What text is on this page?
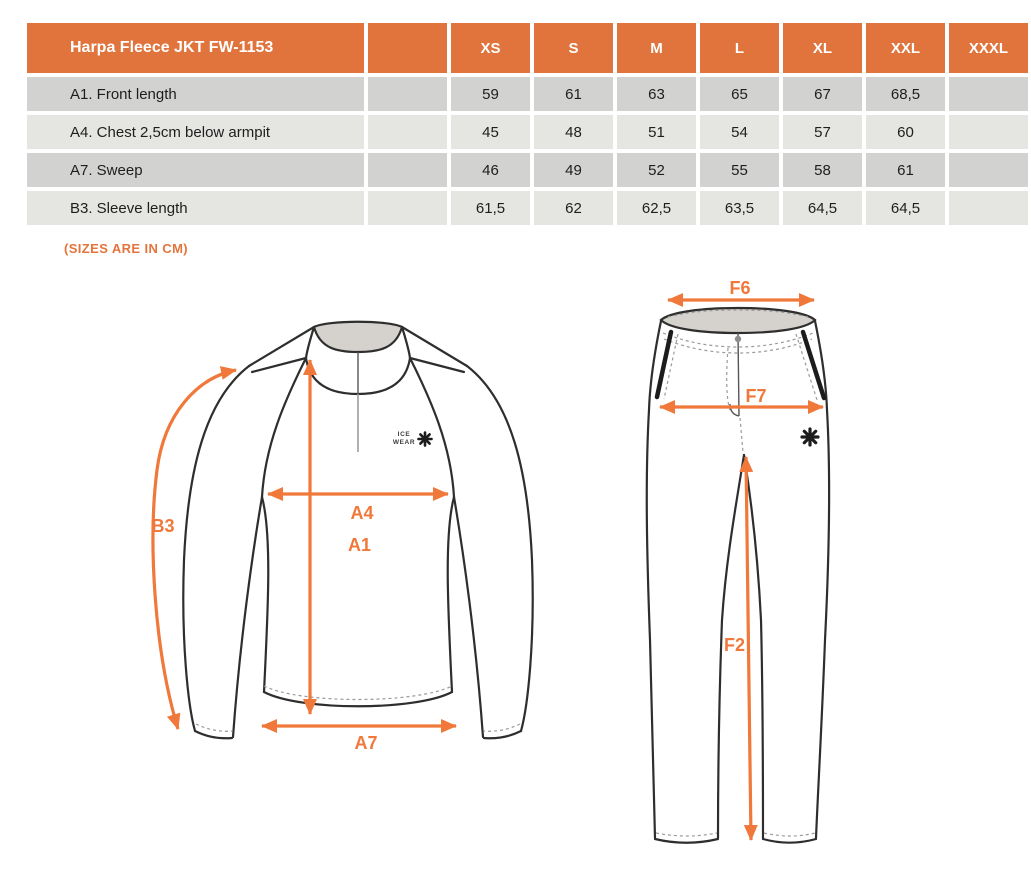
Harpa Fleece JKT FW-1153	XS	S	M	L	XL	XXL	XXXL
A1. Front length	59	61	63	65	67	68,5
A4. Chest 2,5cm below armpit	45	48	51	54	57	60
A7. Sweep	46	49	52	55	58	61
B3. Sleeve length	61,5	62	62,5	63,5	64,5	64,5
(SIZES ARE IN CM)
ICE
WEAR
B3
A4
A1
A7
F6
F7
F2
